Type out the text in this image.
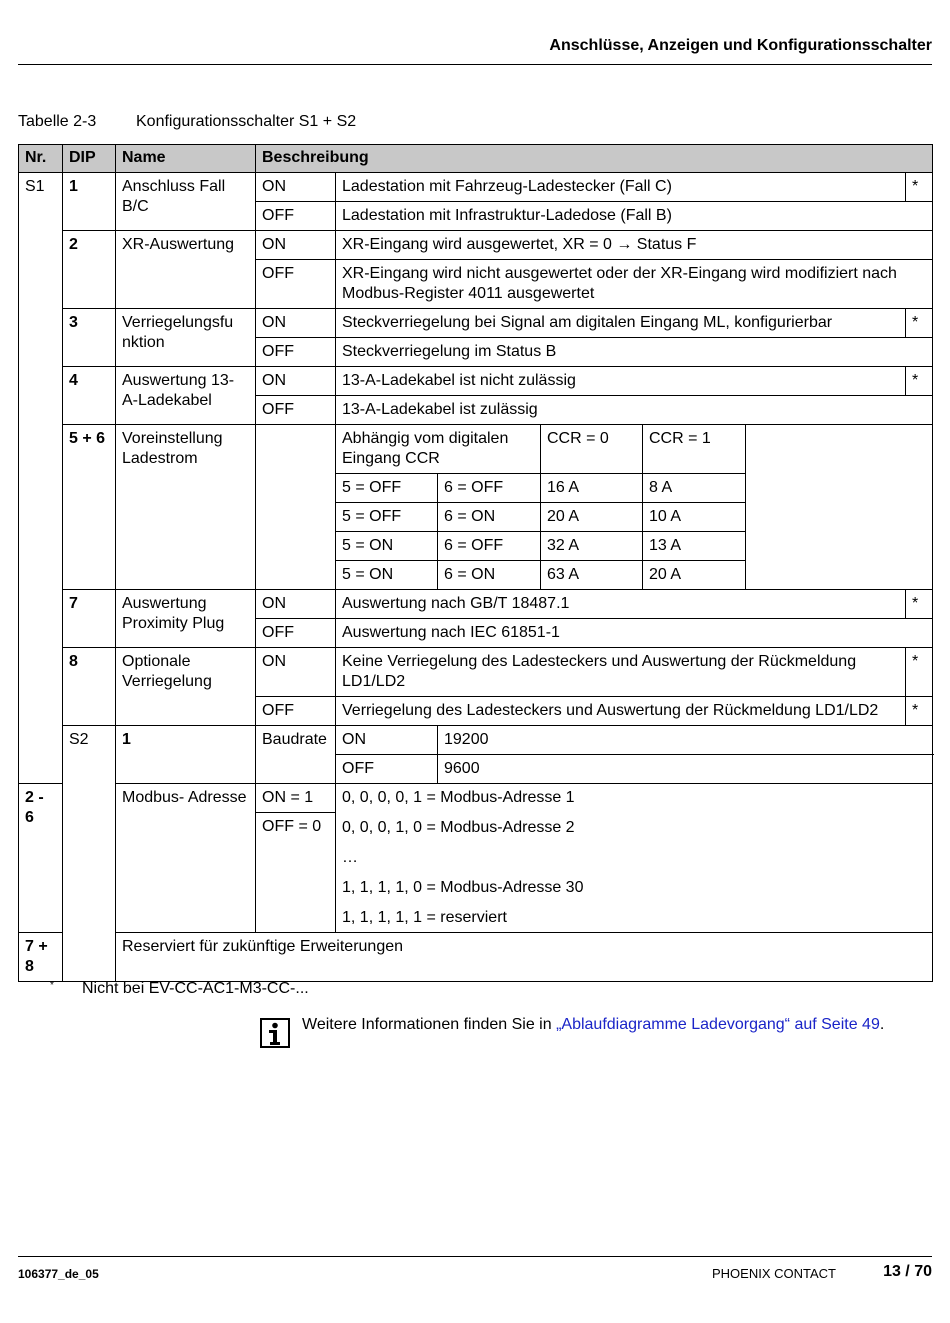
Anschlüsse, Anzeigen und Konfigurationsschalter
Tabelle 2-3 Konfigurationsschalter S1 + S2
Nr.	DIP	Name	Beschreibung						
S1	1	Anschluss Fall B/C	ON	Ladestation mit Fahrzeug-Ladestecker (Fall C)					*
			OFF	Ladestation mit Infrastruktur-Ladedose (Fall B)					
	2	XR-Auswertung	ON	XR-Eingang wird ausgewertet, XR = 0 → Status F					
			OFF	XR-Eingang wird nicht ausgewertet oder der XR-Eingang wird modifiziert nach Modbus-Register 4011 ausgewertet					
	3	Verriegelungsfu nktion	ON	Steckverriegelung bei Signal am digitalen Eingang ML, konfigurierbar					*
			OFF	Steckverriegelung im Status B					
	4	Auswertung 13-A-Ladekabel	ON	13-A-Ladekabel ist nicht zulässig					*
			OFF	13-A-Ladekabel ist zulässig					
	5 + 6	Voreinstellung Ladestrom		Abhängig vom digitalen Eingang CCR		CCR = 0	CCR = 1		
				5 = OFF	6 = OFF	16 A	8 A		
				5 = OFF	6 = ON	20 A	10 A		
				5 = ON	6 = OFF	32 A	13 A		
				5 = ON	6 = ON	63 A	20 A		
	7	Auswertung Proximity Plug	ON	Auswertung nach GB/T 18487.1					*
			OFF	Auswertung nach IEC 61851-1					
	8	Optionale Verriegelung	ON	Keine Verriegelung des Ladesteckers und Auswertung der Rückmeldung LD1/LD2					*
			OFF	Verriegelung des Ladesteckers und Auswertung der Rückmeldung LD1/LD2					*
	S2	1	Baudrate	ON	19200				
				OFF	9600				
2 - 6		Modbus- Adresse	ON = 1	0, 0, 0, 0, 1 = Modbus-Adresse 1
0, 0, 0, 1, 0 = Modbus-Adresse 2
…
1, 1, 1, 1, 0 = Modbus-Adresse 30
1, 1, 1, 1, 1 = reserviert					

			OFF = 0						
7 + 8		Reserviert für zukünftige Erweiterungen							
* Nicht bei EV-CC-AC1-M3-CC-...
Weitere Informationen finden Sie in „Ablaufdiagramme Ladevorgang“ auf Seite 49.
106377_de_05	PHOENIX CONTACT	13 / 70
